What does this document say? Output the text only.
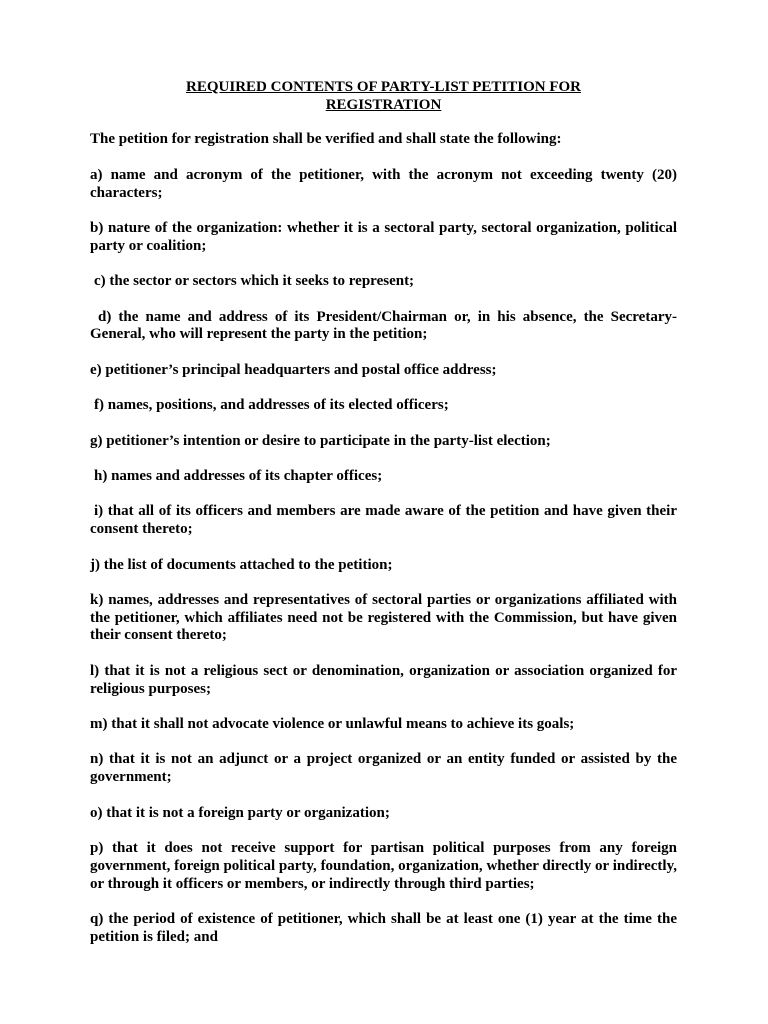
REQUIRED CONTENTS OF PARTY-LIST PETITION FOR
REGISTRATION

The petition for registration shall be verified and shall state the following:

a) name and acronym of the petitioner, with the acronym not exceeding twenty (20) characters;

b) nature of the organization: whether it is a sectoral party, sectoral organization, political party or coalition;

c) the sector or sectors which it seeks to represent;

d) the name and address of its President/Chairman or, in his absence, the Secretary-General, who will represent the party in the petition;

e) petitioner’s principal headquarters and postal office address;

f) names, positions, and addresses of its elected officers;

g) petitioner’s intention or desire to participate in the party-list election;

h) names and addresses of its chapter offices;

i) that all of its officers and members are made aware of the petition and have given their consent thereto;

j) the list of documents attached to the petition;

k) names, addresses and representatives of sectoral parties or organizations affiliated with the petitioner, which affiliates need not be registered with the Commission, but have given their consent thereto;

l) that it is not a religious sect or denomination, organization or association organized for religious purposes;

m) that it shall not advocate violence or unlawful means to achieve its goals;

n) that it is not an adjunct or a project organized or an entity funded or assisted by the government;

o) that it is not a foreign party or organization;

p) that it does not receive support for partisan political purposes from any foreign government, foreign political party, foundation, organization, whether directly or indirectly, or through it officers or members, or indirectly through third parties;

q) the period of existence of petitioner, which shall be at least one (1) year at the time the petition is filed; and
